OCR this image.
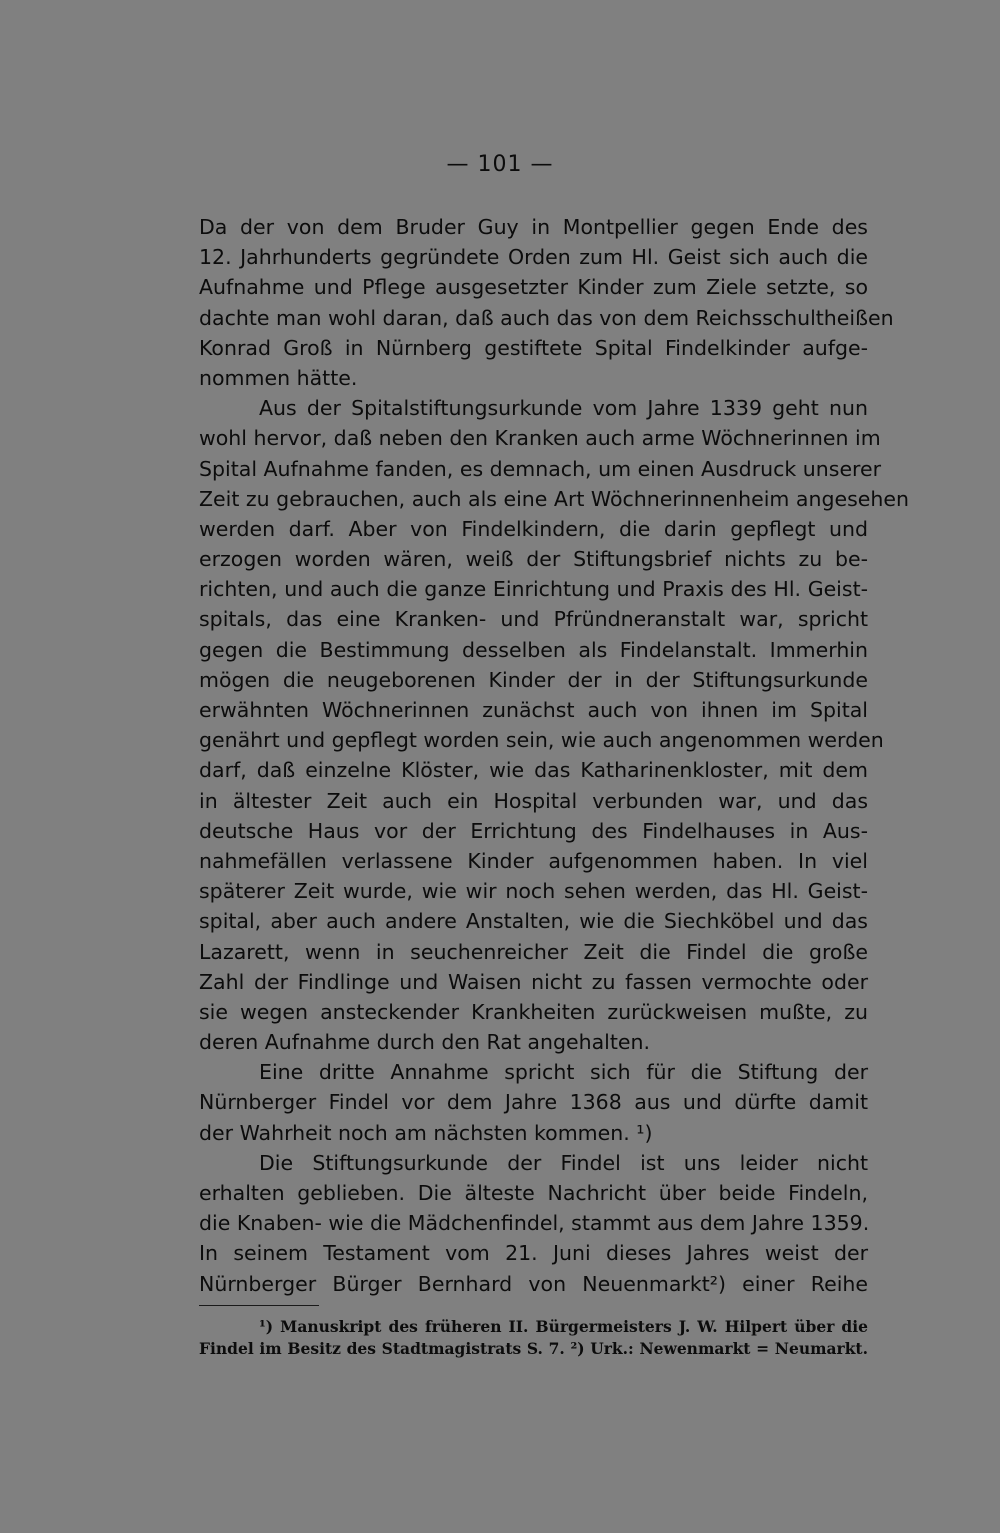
— 101 —
Da der von dem Bruder Guy in Montpellier gegen Ende des
12. Jahrhunderts gegründete Orden zum Hl. Geist sich auch die
Aufnahme und Pflege ausgesetzter Kinder zum Ziele setzte, so
dachte man wohl daran, daß auch das von dem Reichsschultheißen
Konrad Groß in Nürnberg gestiftete Spital Findelkinder aufge-
nommen hätte.
Aus der Spitalstiftungsurkunde vom Jahre 1339 geht nun
wohl hervor, daß neben den Kranken auch arme Wöchnerinnen im
Spital Aufnahme fanden, es demnach, um einen Ausdruck unserer
Zeit zu gebrauchen, auch als eine Art Wöchnerinnenheim angesehen
werden darf. Aber von Findelkindern, die darin gepflegt und
erzogen worden wären, weiß der Stiftungsbrief nichts zu be-
richten, und auch die ganze Einrichtung und Praxis des Hl. Geist-
spitals, das eine Kranken- und Pfründneranstalt war, spricht
gegen die Bestimmung desselben als Findelanstalt. Immerhin
mögen die neugeborenen Kinder der in der Stiftungsurkunde
erwähnten Wöchnerinnen zunächst auch von ihnen im Spital
genährt und gepflegt worden sein, wie auch angenommen werden
darf, daß einzelne Klöster, wie das Katharinenkloster, mit dem
in ältester Zeit auch ein Hospital verbunden war, und das
deutsche Haus vor der Errichtung des Findelhauses in Aus-
nahmefällen verlassene Kinder aufgenommen haben. In viel
späterer Zeit wurde, wie wir noch sehen werden, das Hl. Geist-
spital, aber auch andere Anstalten, wie die Siechköbel und das
Lazarett, wenn in seuchenreicher Zeit die Findel die große
Zahl der Findlinge und Waisen nicht zu fassen vermochte oder
sie wegen ansteckender Krankheiten zurückweisen mußte, zu
deren Aufnahme durch den Rat angehalten.
Eine dritte Annahme spricht sich für die Stiftung der
Nürnberger Findel vor dem Jahre 1368 aus und dürfte damit
der Wahrheit noch am nächsten kommen. ¹)
Die Stiftungsurkunde der Findel ist uns leider nicht
erhalten geblieben. Die älteste Nachricht über beide Findeln,
die Knaben- wie die Mädchenfindel, stammt aus dem Jahre 1359.
In seinem Testament vom 21. Juni dieses Jahres weist der
Nürnberger Bürger Bernhard von Neuenmarkt²) einer Reihe
¹) Manuskript des früheren II. Bürgermeisters J. W. Hilpert über die
Findel im Besitz des Stadtmagistrats S. 7. ²) Urk.: Newenmarkt = Neumarkt.
